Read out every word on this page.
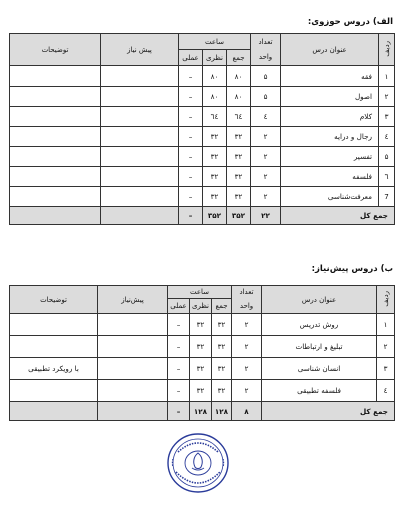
الف) دروس حوزوی:
ردیف	عنوان درس	تعداد	ساعت			پیش نیاز	توضیحات
		واحد	جمع	نظری	عملی		
۱	فقه	۵	۸۰	۸۰	–		
۲	اصول	۵	۸۰	۸۰	–		
۳	کلام	٤	٦٤	٦٤	–		
٤	رجال و درایه	۲	۳۲	۳۲	–		
۵	تفسیر	۲	۳۲	۳۲	–		
٦	فلسفه	۲	۳۲	۳۲	–		
7	معرفت‌شناسی	۲	۳۲	۳۲	–		
جمع کل		۲۲	۳۵۲	۳۵۲	–		
ب) دروس پیش‌نیاز:
ردیف	عنوان درس	تعداد	ساعت			پیش‌نیاز	توضیحات
		واحد	جمع	نظری	عملی		
۱	روش تدریس	۲	۳۲	۳۲	–		
۲	تبلیغ و ارتباطات	۲	۳۲	۳۲	–		
۳	انسان شناسی	۲	۳۲	۳۲	–		با رویکرد تطبیقی
٤	فلسفه تطبیقی	۲	۳۲	۳۲	–		
جمع کل		۸	۱۲۸	۱۲۸	–		
